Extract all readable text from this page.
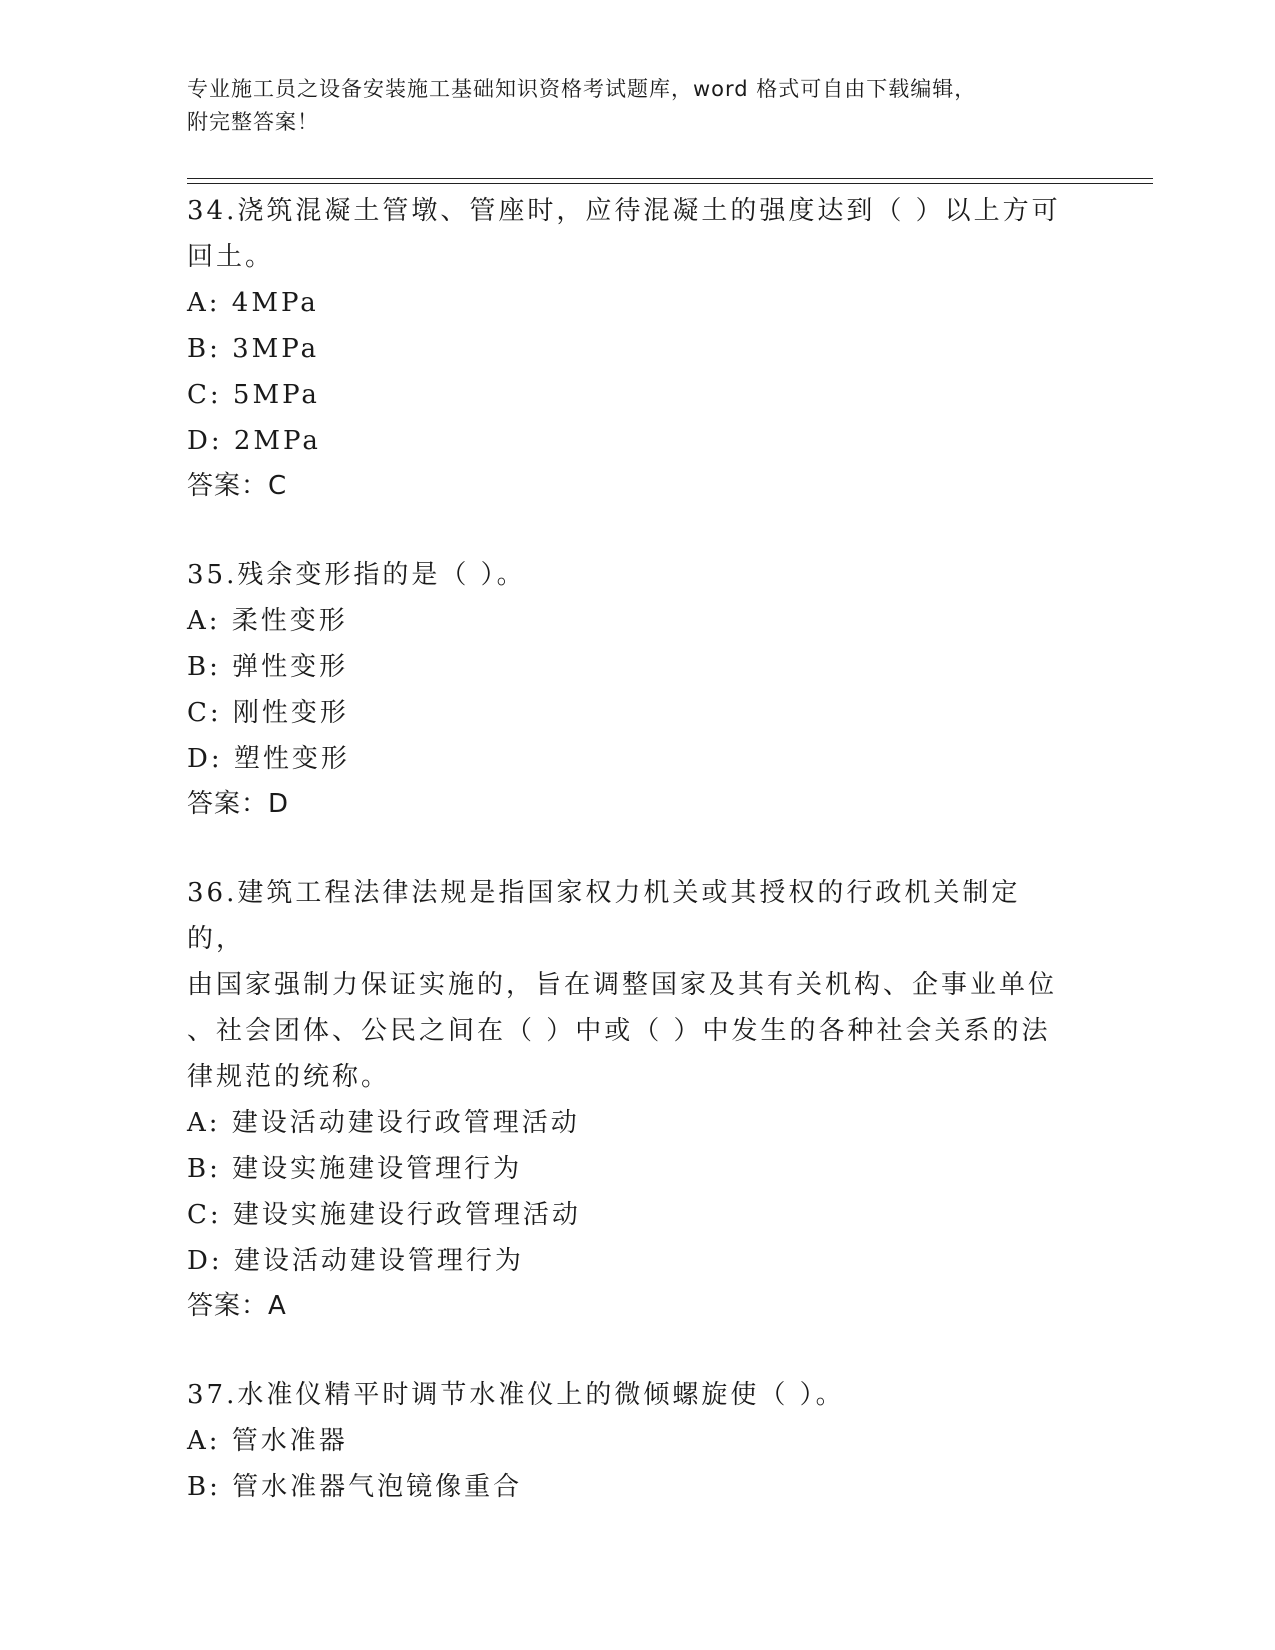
专业施工员之设备安装施工基础知识资格考试题库，word 格式可自由下载编辑，
附完整答案！
34.浇筑混凝土管墩、管座时，应待混凝土的强度达到（ ）以上方可
回土。
A: 4MPa
B: 3MPa
C: 5MPa
D: 2MPa
答案：C
35.残余变形指的是（ ）。
A: 柔性变形
B: 弹性变形
C: 刚性变形
D: 塑性变形
答案：D
36.建筑工程法律法规是指国家权力机关或其授权的行政机关制定的，
由国家强制力保证实施的，旨在调整国家及其有关机构、企事业单位
、社会团体、公民之间在（ ）中或（ ）中发生的各种社会关系的法
律规范的统称。
A: 建设活动建设行政管理活动
B: 建设实施建设管理行为
C: 建设实施建设行政管理活动
D: 建设活动建设管理行为
答案：A
37.水准仪精平时调节水准仪上的微倾螺旋使（ ）。
A: 管水准器
B: 管水准器气泡镜像重合
